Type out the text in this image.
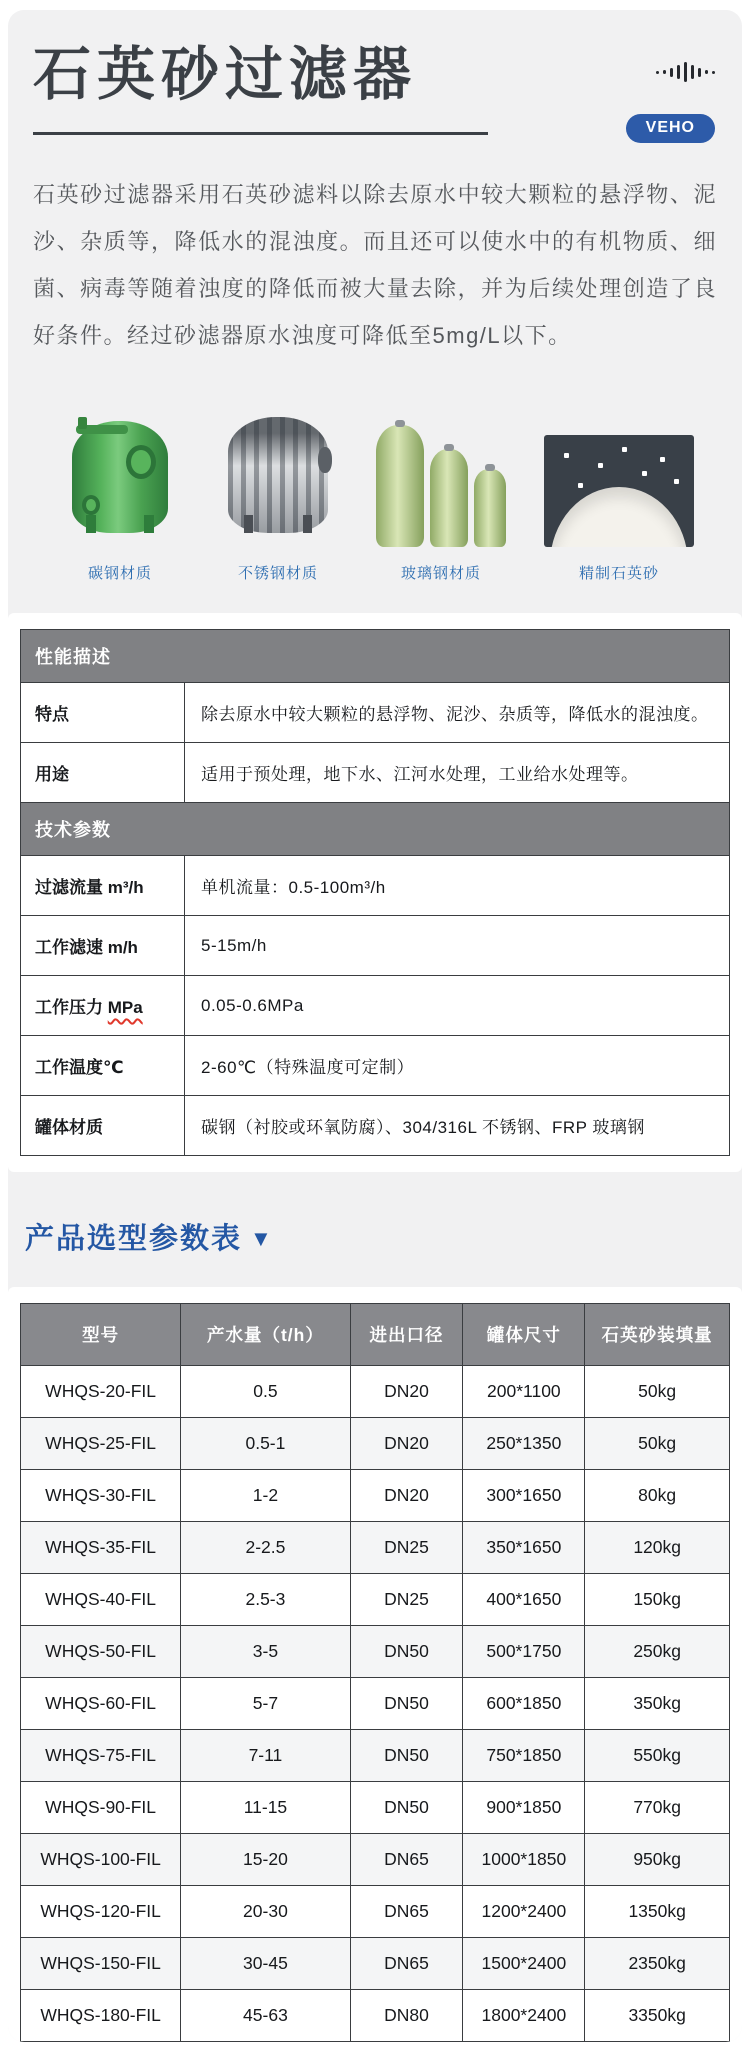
石英砂过滤器
VEHO

石英砂过滤器采用石英砂滤料以除去原水中较大颗粒的悬浮物、泥沙、杂质等，降低水的混浊度。而且还可以使水中的有机物质、细菌、病毒等随着浊度的降低而被大量去除，并为后续处理创造了良好条件。经过砂滤器原水浊度可降低至5mg/L以下。

碳钢材质	不锈钢材质	玻璃钢材质	精制石英砂
性能描述	
特点	除去原水中较大颗粒的悬浮物、泥沙、杂质等，降低水的混浊度。
用途	适用于预处理，地下水、江河水处理，工业给水处理等。
技术参数	
过滤流量 m³/h	单机流量：0.5-100m³/h
工作滤速 m/h	5-15m/h
工作压力 MPa	0.05-0.6MPa
工作温度℃	2-60℃（特殊温度可定制）
罐体材质	碳钢（衬胶或环氧防腐）、304/316L 不锈钢、FRP 玻璃钢
产品选型参数表 ▼
型号	产水量（t/h）	进出口径	罐体尺寸	石英砂装填量
WHQS-20-FIL	0.5	DN20	200*1100	50kg
WHQS-25-FIL	0.5-1	DN20	250*1350	50kg
WHQS-30-FIL	1-2	DN20	300*1650	80kg
WHQS-35-FIL	2-2.5	DN25	350*1650	120kg
WHQS-40-FIL	2.5-3	DN25	400*1650	150kg
WHQS-50-FIL	3-5	DN50	500*1750	250kg
WHQS-60-FIL	5-7	DN50	600*1850	350kg
WHQS-75-FIL	7-11	DN50	750*1850	550kg
WHQS-90-FIL	11-15	DN50	900*1850	770kg
WHQS-100-FIL	15-20	DN65	1000*1850	950kg
WHQS-120-FIL	20-30	DN65	1200*2400	1350kg
WHQS-150-FIL	30-45	DN65	1500*2400	2350kg
WHQS-180-FIL	45-63	DN80	1800*2400	3350kg
